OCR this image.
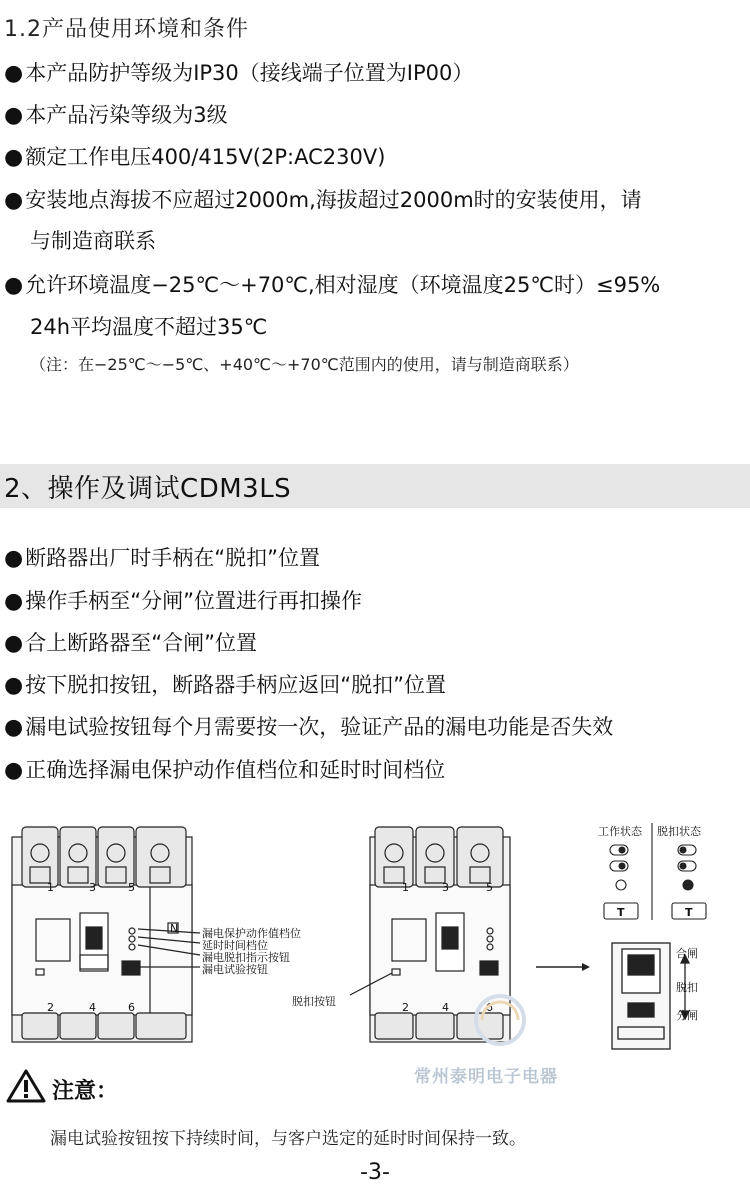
1.2产品使用环境和条件
●本产品防护等级为IP30（接线端子位置为IP00）
●本产品污染等级为3级
●额定工作电压400/415V(2P:AC230V)
●安装地点海拔不应超过2000m,海拔超过2000m时的安装使用，请
与制造商联系
●允许环境温度−25℃～+70℃,相对湿度（环境温度25℃时）≤95%
24h平均温度不超过35℃
（注：在−25℃～−5℃、+40℃～+70℃范围内的使用，请与制造商联系）
2、操作及调试CDM3LS
●断路器出厂时手柄在“脱扣”位置
●操作手柄至“分闸”位置进行再扣操作
●合上断路器至“合闸”位置
●按下脱扣按钮，断路器手柄应返回“脱扣”位置
●漏电试验按钮每个月需要按一次，验证产品的漏电功能是否失效
●正确选择漏电保护动作值档位和延时时间档位
1	3	5
2	4	6
N 漏电保护动作值档位
延时时间档位
漏电脱扣指示按钮
漏电试验按钮
1	3	5
2	4	6
脱扣按钮
工作状态 脱扣状态
T	T
合闸
脱扣
分闸
常州泰明电子电器
注意：
漏电试验按钮按下持续时间，与客户选定的延时时间保持一致。
-3-
